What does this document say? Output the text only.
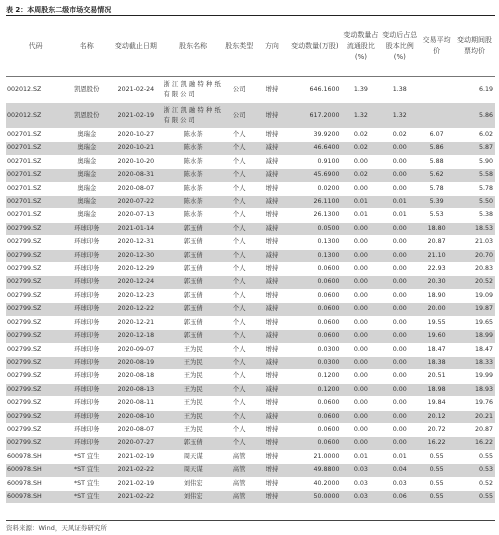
表 2：本周股东二级市场交易情况
代码	名称	变动截止日期	股东名称	股东类型	方向	变动数量(万股)	变动数量占流通股比(%)	变动后占总股本比例(%)	交易平均价	变动期间股票均价
002012.SZ	凯恩股份	2021-02-24	浙江凯融特种纸有限公司	公司	增持	646.1600	1.39	1.38		6.19
002012.SZ	凯恩股份	2021-02-19	浙江凯融特种纸有限公司	公司	增持	617.2000	1.32	1.32		5.86
002701.SZ	奥瑞金	2020-10-27	陈水茶	个人	增持	39.9200	0.02	0.02	6.07	6.02
002701.SZ	奥瑞金	2020-10-21	陈水茶	个人	减持	46.6400	0.02	0.00	5.86	5.87
002701.SZ	奥瑞金	2020-10-20	陈水茶	个人	减持	0.9100	0.00	0.00	5.88	5.90
002701.SZ	奥瑞金	2020-08-31	陈水茶	个人	减持	45.6900	0.02	0.00	5.62	5.58
002701.SZ	奥瑞金	2020-08-07	陈水茶	个人	增持	0.0200	0.00	0.00	5.78	5.78
002701.SZ	奥瑞金	2020-07-22	陈水茶	个人	减持	26.1100	0.01	0.01	5.39	5.50
002701.SZ	奥瑞金	2020-07-13	陈水茶	个人	增持	26.1300	0.01	0.01	5.53	5.38
002799.SZ	环球印务	2021-01-14	郭玉倩	个人	减持	0.0500	0.00	0.00	18.80	18.53
002799.SZ	环球印务	2020-12-31	郭玉倩	个人	增持	0.1300	0.00	0.00	20.87	21.03
002799.SZ	环球印务	2020-12-30	郭玉倩	个人	减持	0.1300	0.00	0.00	21.10	20.70
002799.SZ	环球印务	2020-12-29	郭玉倩	个人	增持	0.0600	0.00	0.00	22.93	20.83
002799.SZ	环球印务	2020-12-24	郭玉倩	个人	减持	0.0600	0.00	0.00	20.30	20.52
002799.SZ	环球印务	2020-12-23	郭玉倩	个人	增持	0.0600	0.00	0.00	18.90	19.09
002799.SZ	环球印务	2020-12-22	郭玉倩	个人	减持	0.0600	0.00	0.00	20.00	19.87
002799.SZ	环球印务	2020-12-21	郭玉倩	个人	增持	0.0600	0.00	0.00	19.55	19.65
002799.SZ	环球印务	2020-12-18	郭玉倩	个人	减持	0.0600	0.00	0.00	19.60	18.99
002799.SZ	环球印务	2020-09-07	王为民	个人	增持	0.0300	0.00	0.00	18.47	18.47
002799.SZ	环球印务	2020-08-19	王为民	个人	减持	0.0300	0.00	0.00	18.38	18.33
002799.SZ	环球印务	2020-08-18	王为民	个人	增持	0.1200	0.00	0.00	20.51	19.99
002799.SZ	环球印务	2020-08-13	王为民	个人	减持	0.1200	0.00	0.00	18.98	18.93
002799.SZ	环球印务	2020-08-11	王为民	个人	增持	0.0600	0.00	0.00	19.84	19.76
002799.SZ	环球印务	2020-08-10	王为民	个人	减持	0.0600	0.00	0.00	20.12	20.21
002799.SZ	环球印务	2020-08-07	王为民	个人	增持	0.0600	0.00	0.00	20.72	20.87
002799.SZ	环球印务	2020-07-27	郭玉倩	个人	增持	0.0600	0.00	0.00	16.22	16.22
600978.SH	*ST 宜生	2021-02-19	周天谋	高管	增持	21.0000	0.01	0.01	0.55	0.55
600978.SH	*ST 宜生	2021-02-22	周天谋	高管	增持	49.8800	0.03	0.04	0.55	0.53
600978.SH	*ST 宜生	2021-02-19	刘伟宏	高管	增持	40.2000	0.03	0.03	0.55	0.52
600978.SH	*ST 宜生	2021-02-22	刘伟宏	高管	增持	50.0000	0.03	0.06	0.55	0.55
资料来源：Wind，天风证券研究所
